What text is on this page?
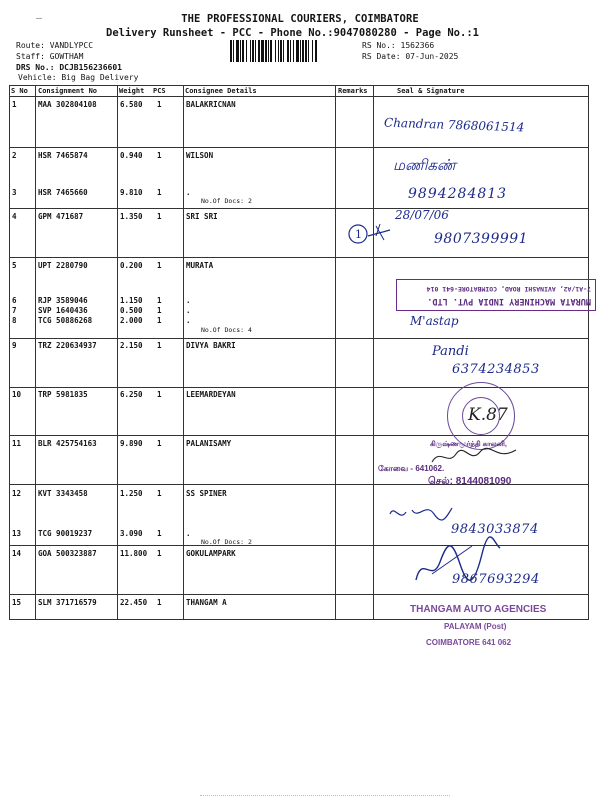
–	THE PROFESSIONAL COURIERS, COIMBATORE
Delivery Runsheet - PCC - Phone No.:9047080280 - Page No.:1
Route: VANDLYPCC
Staff: GOWTHAM
DRS No.: DCJB156236601
Vehicle: Big Bag Delivery
RS No.: 1562366
RS Date: 07-Jun-2025
S No Consignment No	Weight PCS	Consignee Details	Remarks	Seal & Signature
1	MAA 302804108	6.580 1	BALAKRICNAN
2	HSR 7465874	0.940 1	WILSON
3	HSR 7465660	9.810 1	.
No.Of Docs: 2
4	GPM 471687	1.350 1	SRI SRI
5	UPT 2280790	0.200 1	MURATA
6	RJP 3589046	1.150 1	.
7	SVP 1640436	0.500 1	.
8	TCG 50886268	2.000 1	.
No.Of Docs: 4
9	TRZ 220634937	2.150 1	DIVYA BAKRI
10 TRP 5981835	6.250 1	LEEMARDEYAN
11 BLR 425754163	9.890 1	PALANISAMY
12 KVT 3343458	1.250 1	SS SPINER
13 TCG 90019237	3.090 1	.
No.Of Docs: 2
14 GOA 500323887	11.800 1	GOKULAMPARK
15 SLM 371716579	22.450 1	THANGAM A
Chandran 7868061514
மணிகண்
9894284813
1
28/07/06
9807399991
MURATA MACHINERY INDIA PVT. LTD.
7-A1/A2, AVINASHI ROAD, COIMBATORE-641 014
M'astap
Pandi
6374234853
K.87
கிருஷ்ணமூர்த்தி காலனி,
கோவை - 641062.
செல்: 8144081090
9843033874
9867693294
THANGAM AUTO AGENCIES
PALAYAM (Post)
COIMBATORE 641 062
